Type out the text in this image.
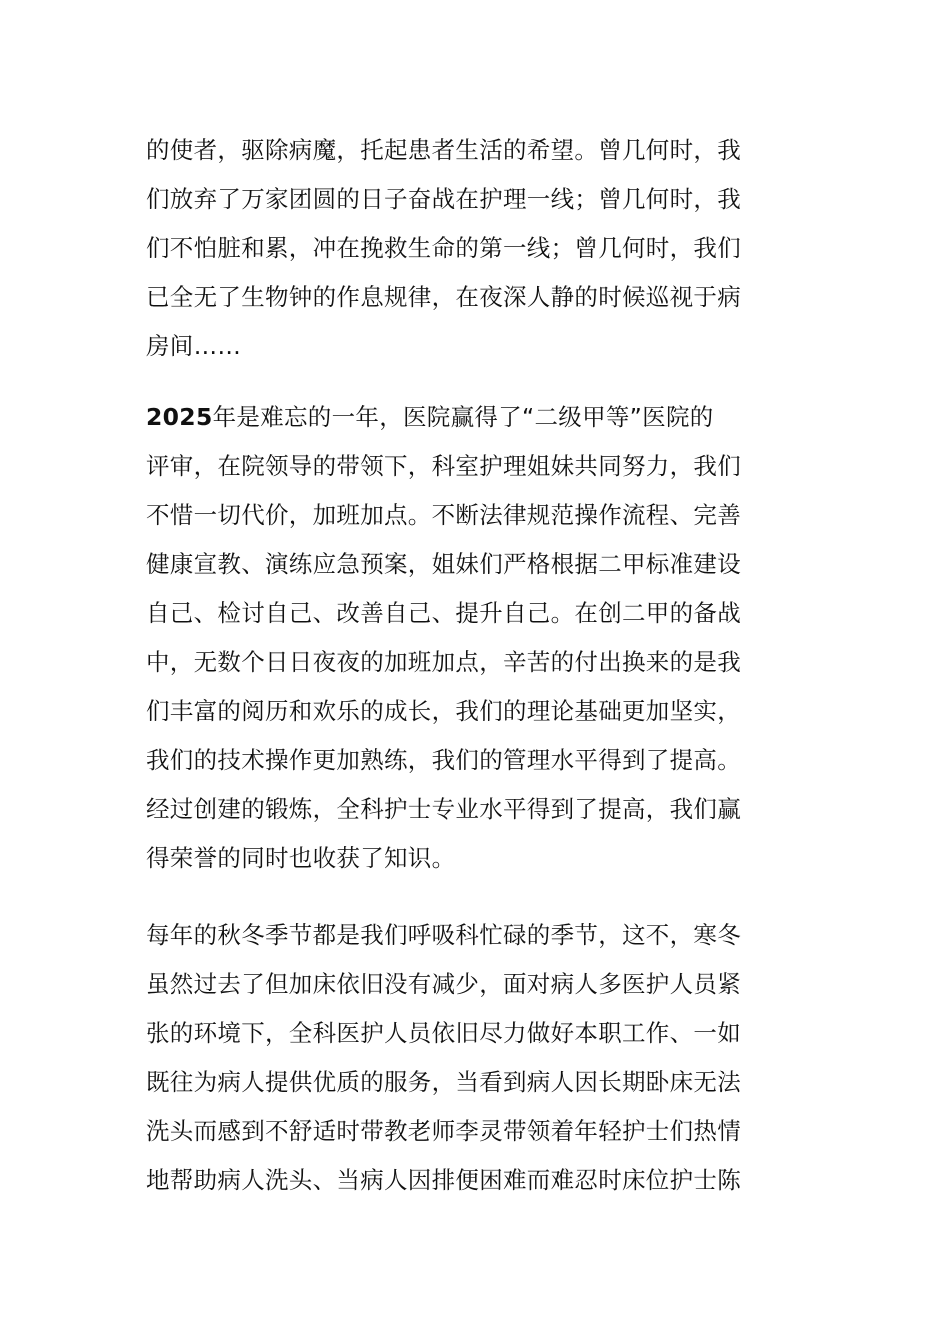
的使者，驱除病魔，托起患者生活的希望。曾几何时，我
们放弃了万家团圆的日子奋战在护理一线；曾几何时，我
们不怕脏和累，冲在挽救生命的第一线；曾几何时，我们
已全无了生物钟的作息规律，在夜深人静的时候巡视于病
房间……
2025年是难忘的一年，医院赢得了“二级甲等”医院的
评审，在院领导的带领下，科室护理姐妹共同努力，我们
不惜一切代价，加班加点。不断法律规范操作流程、完善
健康宣教、演练应急预案，姐妹们严格根据二甲标准建设
自己、检讨自己、改善自己、提升自己。在创二甲的备战
中，无数个日日夜夜的加班加点，辛苦的付出换来的是我
们丰富的阅历和欢乐的成长，我们的理论基础更加坚实，
我们的技术操作更加熟练，我们的管理水平得到了提高。
经过创建的锻炼，全科护士专业水平得到了提高，我们赢
得荣誉的同时也收获了知识。
每年的秋冬季节都是我们呼吸科忙碌的季节，这不，寒冬
虽然过去了但加床依旧没有减少，面对病人多医护人员紧
张的环境下，全科医护人员依旧尽力做好本职工作、一如
既往为病人提供优质的服务，当看到病人因长期卧床无法
洗头而感到不舒适时带教老师李灵带领着年轻护士们热情
地帮助病人洗头、当病人因排便困难而难忍时床位护士陈
